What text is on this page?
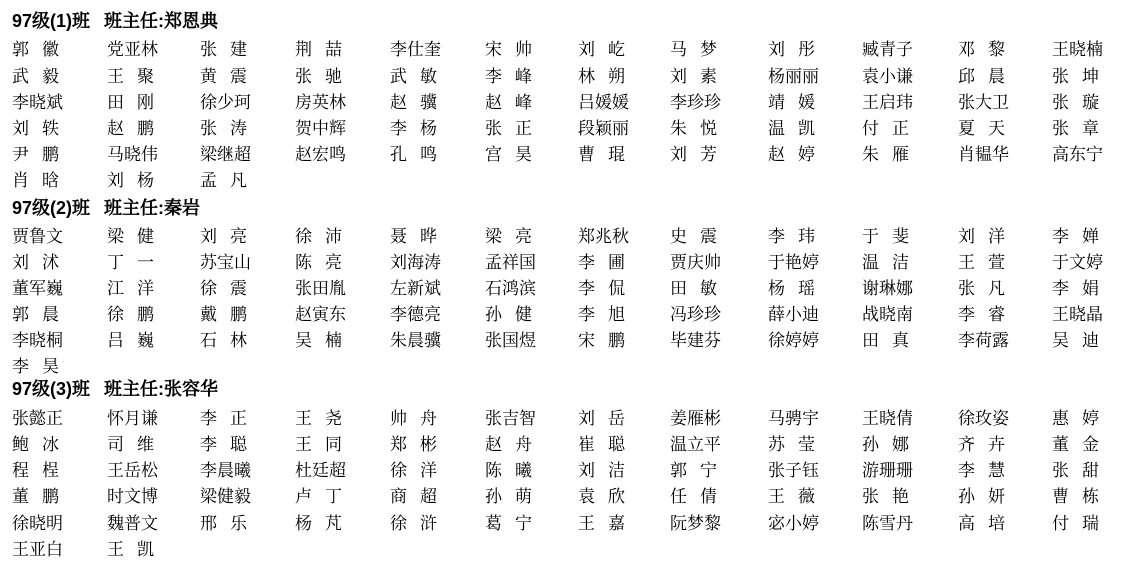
97级(1)班 班主任:郑恩典
郭徽 党亚林 张建 荆喆 李仕奎	宋帅 刘屹 马梦 刘彤 臧青子	邓黎 王晓楠
武毅 王聚 黄震 张驰 武敏 李峰 林朔 刘素 杨丽丽	袁小谦	邱晨 张坤
李晓斌	田刚 徐少珂	房英林	赵骥 赵峰 吕媛媛 李珍珍	靖媛 王启玮	张大卫	张璇
刘轶 赵鹏 张涛 贺中辉	李杨 张正 段颖丽 朱悦 温凯 付正 夏天 张章
尹鹏 马晓伟 梁继超	赵宏鸣	孔鸣 宫昊 曹琨 刘芳 赵婷 朱雁 肖韫华	高东宁
肖晗 刘杨 孟凡
97级(2)班 班主任:秦岩
贾鲁文	梁健 刘亮 徐沛 聂晔 梁亮 郑兆秋 史震 李玮 于斐 刘洋 李婵
刘沭 丁一 苏宝山	陈亮 刘海涛	孟祥国 李圃 贾庆帅	于艳婷	温洁 王萱 于文婷
董军巍	江洋 徐震 张田胤	左新斌	石鸿滨 李侃 田敏 杨瑶 谢琳娜	张凡 李娟
郭晨 徐鹏 戴鹏 赵寅东	李德亮	孙健 李旭 冯珍珍	薛小迪	战晓南	李睿 王晓晶
李晓桐	吕巍 石林 吴楠 朱晨骥	张国煜 宋鹏 毕建芬	徐婷婷	田真 李荷露	吴迪
李昊
97级(3)班 班主任:张容华
张懿正	怀月谦 李正 王尧 帅舟 张吉智 刘岳 姜雁彬	马骋宇	王晓倩	徐玫姿	惠婷
鲍冰 司维 李聪 王同 郑彬 赵舟 崔聪 温立平	苏莹 孙娜 齐卉 董金
程桯 王岳松 李晨曦	杜廷超	徐洋 陈曦 刘洁 郭宁 张子钰	游珊珊	李慧 张甜
董鹏 时文博 梁健毅	卢丁 商超 孙萌 袁欣 任倩 王薇 张艳 孙妍 曹栋
徐晓明	魏普文 邢乐 杨芃 徐浒 葛宁 王嘉 阮梦黎	宓小婷	陈雪丹	高培 付瑞
王亚白	王凯
